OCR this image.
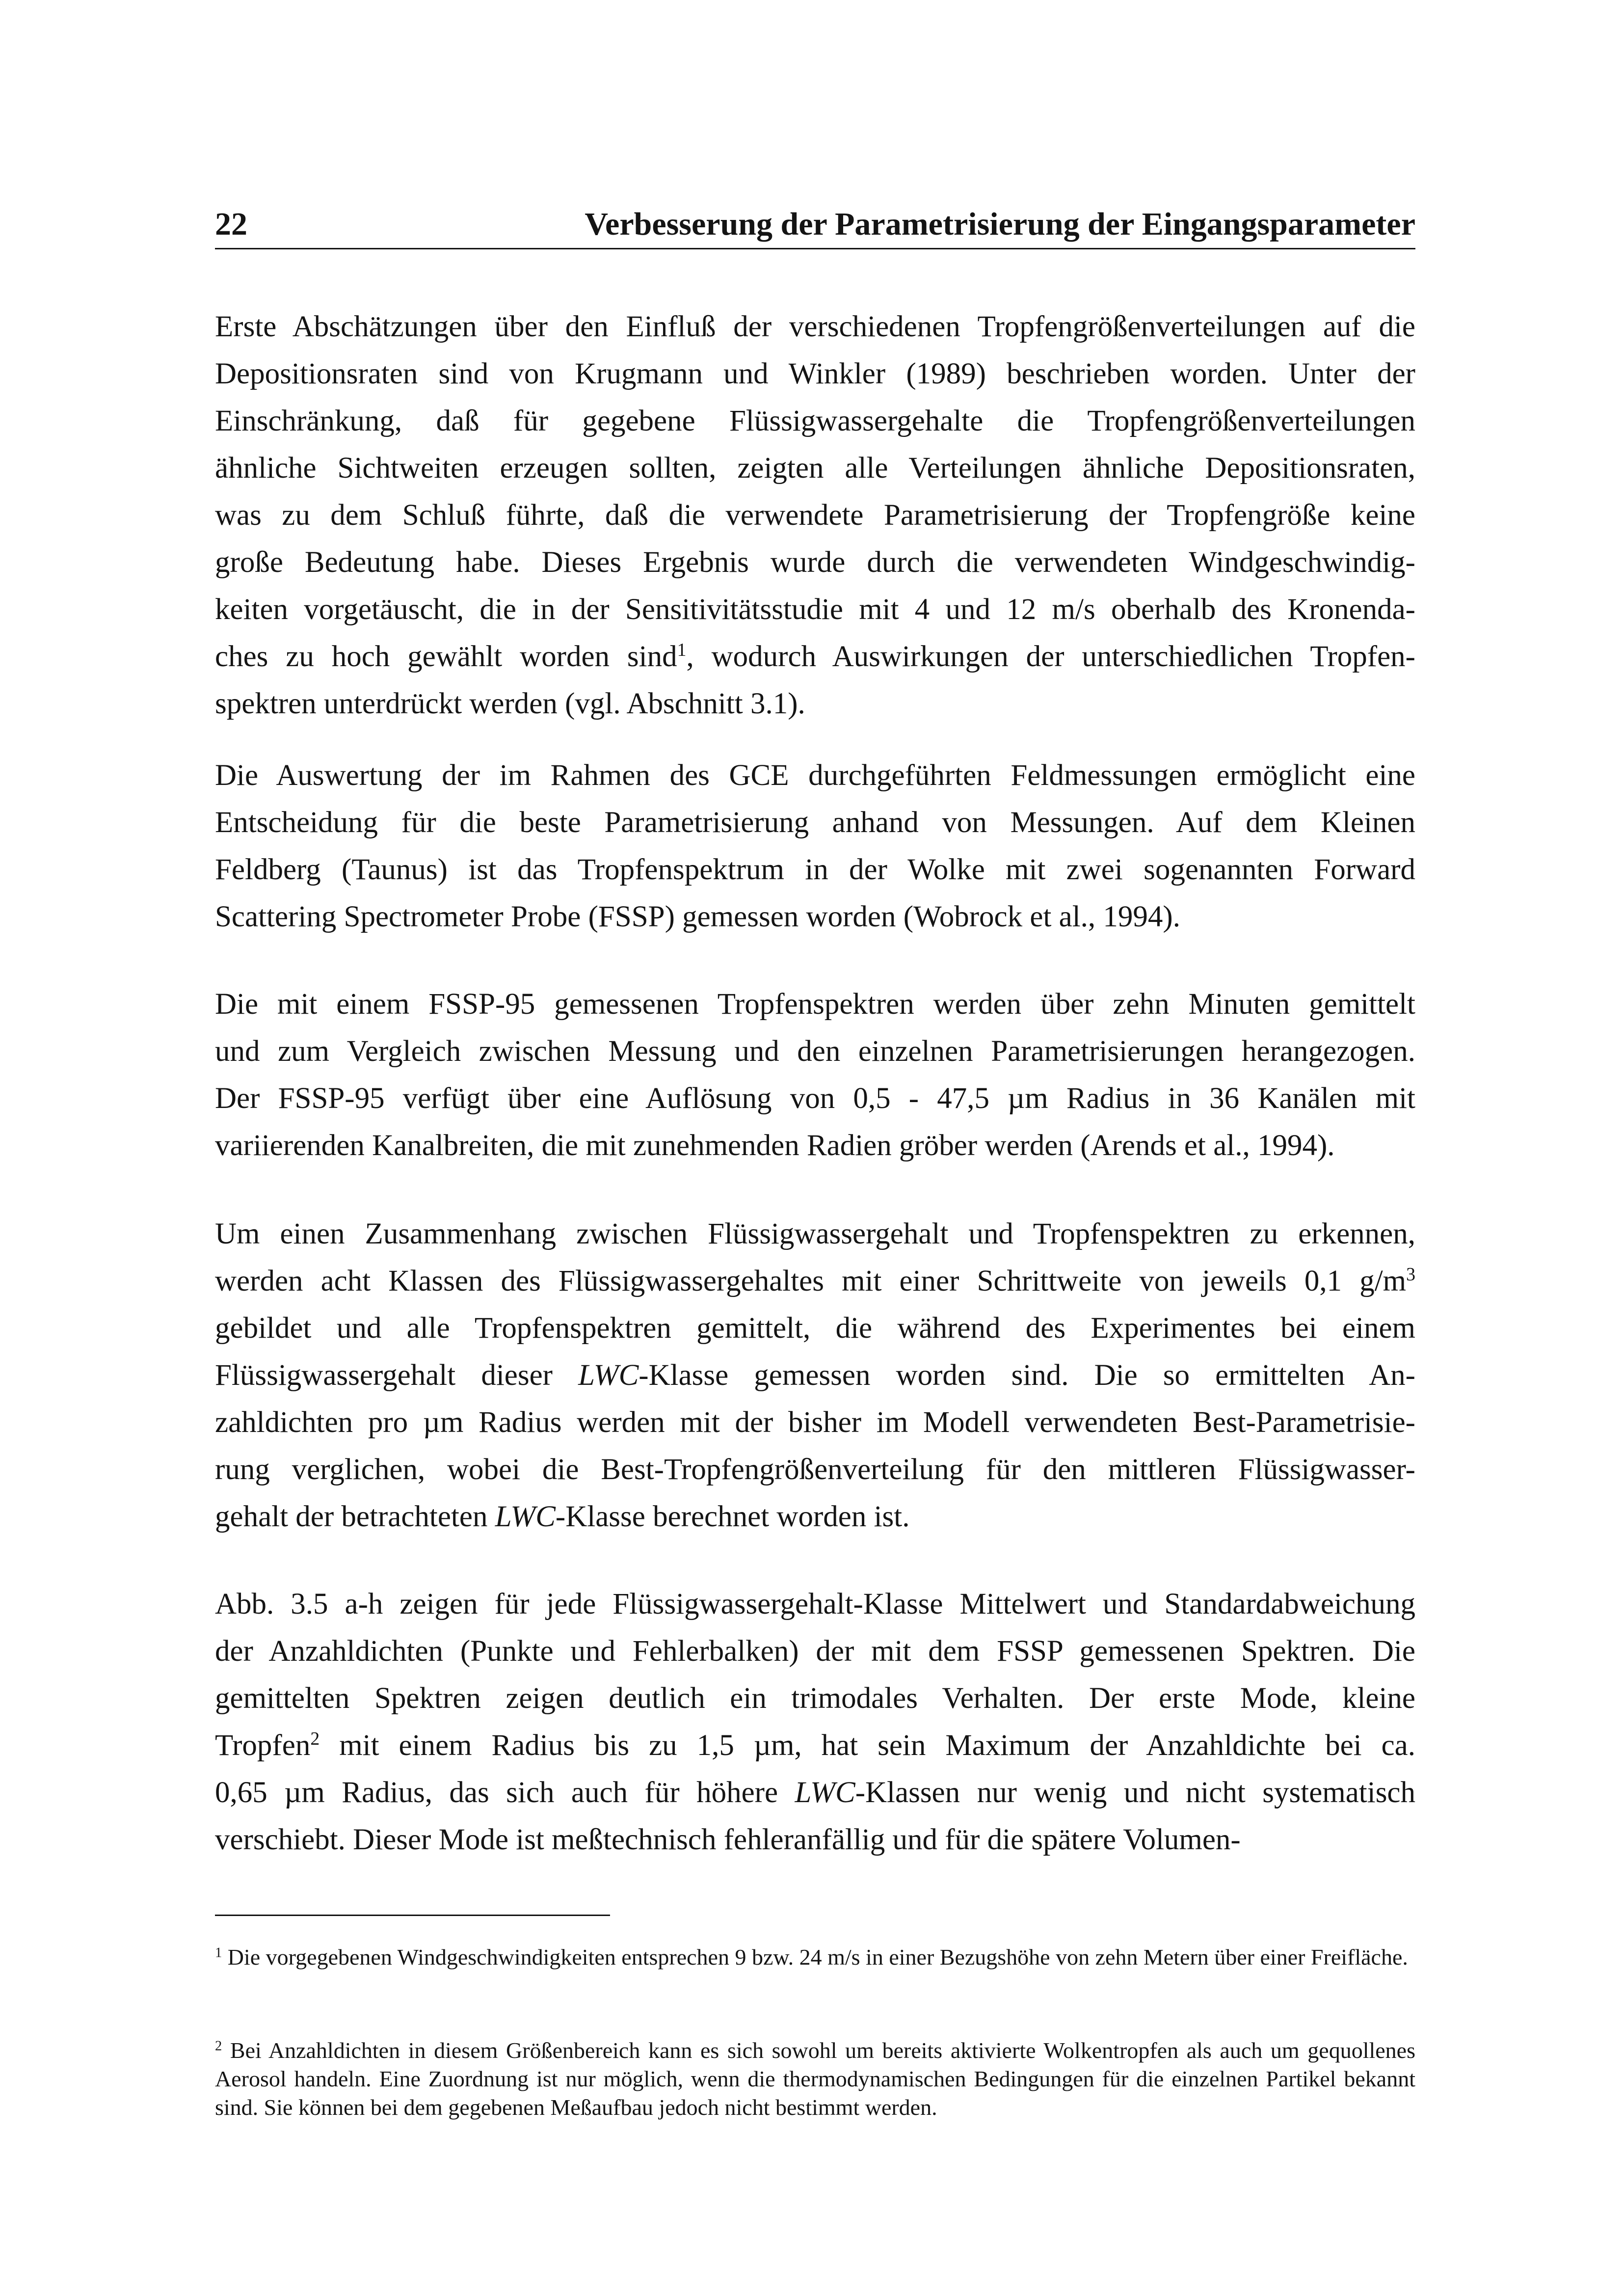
22	Verbesserung der Parametrisierung der Eingangsparameter
Erste Abschätzungen über den Einfluß der verschiedenen Tropfengrößenverteilungen auf die
Depositionsraten sind von Krugmann und Winkler (1989) beschrieben worden. Unter der
Einschränkung, daß für gegebene Flüssigwassergehalte die Tropfengrößenverteilungen
ähnliche Sichtweiten erzeugen sollten, zeigten alle Verteilungen ähnliche Depositionsraten,
was zu dem Schluß führte, daß die verwendete Parametrisierung der Tropfengröße keine
große Bedeutung habe. Dieses Ergebnis wurde durch die verwendeten Windgeschwindig-
keiten vorgetäuscht, die in der Sensitivitätsstudie mit 4 und 12 m/s oberhalb des Kronenda-
ches zu hoch gewählt worden sind$^1$, wodurch Auswirkungen der unterschiedlichen Tropfen-
spektren unterdrückt werden (vgl. Abschnitt 3.1).
Die Auswertung der im Rahmen des GCE durchgeführten Feldmessungen ermöglicht eine
Entscheidung für die beste Parametrisierung anhand von Messungen. Auf dem Kleinen
Feldberg (Taunus) ist das Tropfenspektrum in der Wolke mit zwei sogenannten Forward
Scattering Spectrometer Probe (FSSP) gemessen worden (Wobrock et al., 1994).
Die mit einem FSSP-95 gemessenen Tropfenspektren werden über zehn Minuten gemittelt
und zum Vergleich zwischen Messung und den einzelnen Parametrisierungen herangezogen.
Der FSSP-95 verfügt über eine Auflösung von 0,5 - 47,5 µm Radius in 36 Kanälen mit
variierenden Kanalbreiten, die mit zunehmenden Radien gröber werden (Arends et al., 1994).
Um einen Zusammenhang zwischen Flüssigwassergehalt und Tropfenspektren zu erkennen,
werden acht Klassen des Flüssigwassergehaltes mit einer Schrittweite von jeweils 0,1 $g/m^3$
gebildet und alle Tropfenspektren gemittelt, die während des Experimentes bei einem
Flüssigwassergehalt dieser LWC-Klasse gemessen worden sind. Die so ermittelten An-
zahldichten pro µm Radius werden mit der bisher im Modell verwendeten Best-Parametrisie-
rung verglichen, wobei die Best-Tropfengrößenverteilung für den mittleren Flüssigwasser-
gehalt der betrachteten LWC-Klasse berechnet worden ist.
Abb. 3.5 a-h zeigen für jede Flüssigwassergehalt-Klasse Mittelwert und Standardabweichung
der Anzahldichten (Punkte und Fehlerbalken) der mit dem FSSP gemessenen Spektren. Die
gemittelten Spektren zeigen deutlich ein trimodales Verhalten. Der erste Mode, kleine
Tropfen$^2$ mit einem Radius bis zu 1,5 µm, hat sein Maximum der Anzahldichte bei ca.
0,65 µm Radius, das sich auch für höhere LWC-Klassen nur wenig und nicht systematisch
verschiebt. Dieser Mode ist meßtechnisch fehleranfällig und für die spätere Volumen-

$^1$ Die vorgegebenen Windgeschwindigkeiten entsprechen 9 bzw. 24 m/s in einer Bezugshöhe von zehn Metern über einer Freifläche.

$^2$ Bei Anzahldichten in diesem Größenbereich kann es sich sowohl um bereits aktivierte Wolkentropfen als auch um gequollenes Aerosol handeln. Eine Zuordnung ist nur möglich, wenn die thermodynamischen Bedingungen für die einzelnen Partikel bekannt sind. Sie können bei dem gegebenen Meßaufbau jedoch nicht bestimmt werden.
